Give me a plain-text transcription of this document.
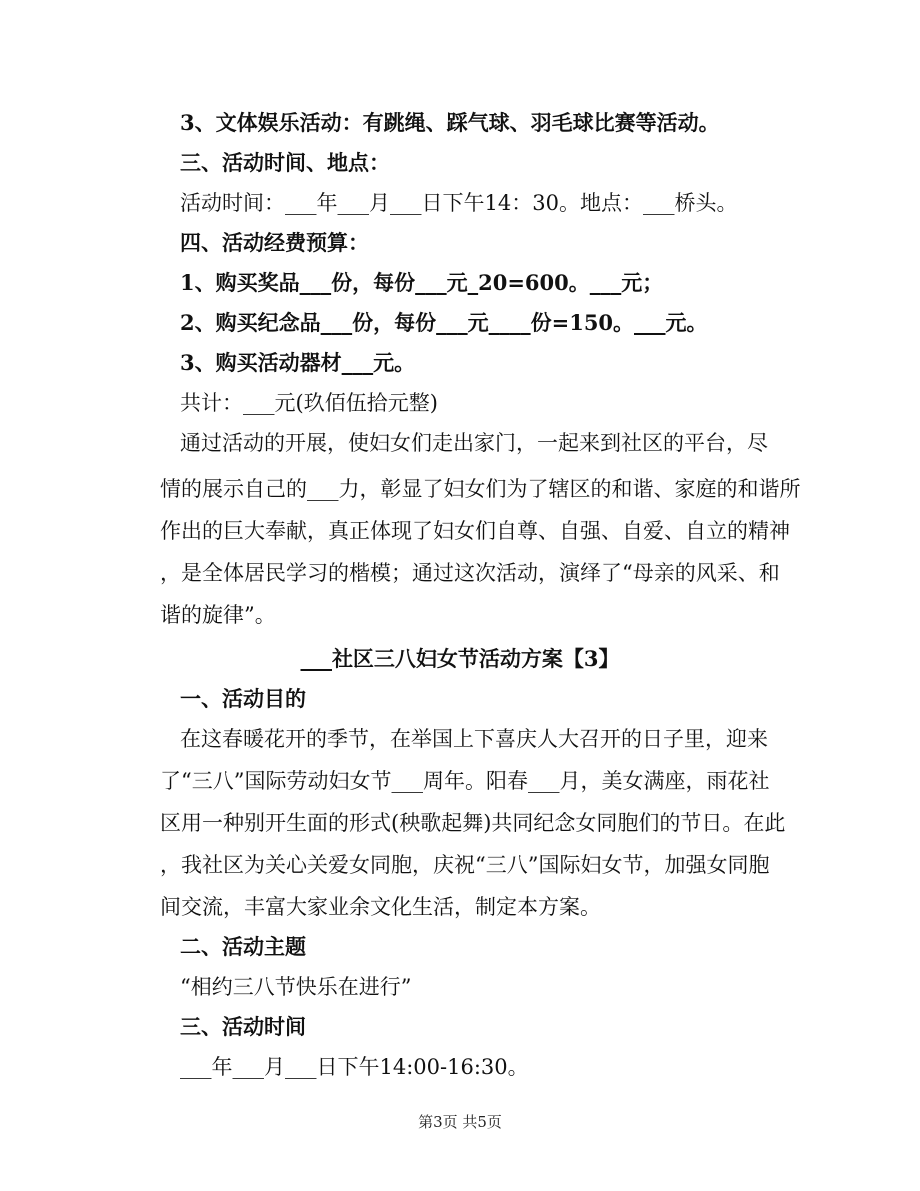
3、文体娱乐活动：有跳绳、踩气球、羽毛球比赛等活动。
三、活动时间、地点：
活动时间：___年___月___日下午14：30。地点：___桥头。
四、活动经费预算：
1、购买奖品___份，每份___元_20=600。___元；
2、购买纪念品___份，每份___元____份=150。___元。
3、购买活动器材___元。
共计：___元(玖佰伍拾元整)
通过活动的开展，使妇女们走出家门，一起来到社区的平台，尽
情的展示自己的___力，彰显了妇女们为了辖区的和谐、家庭的和谐所
作出的巨大奉献，真正体现了妇女们自尊、自强、自爱、自立的精神
，是全体居民学习的楷模；通过这次活动，演绎了“母亲的风采、和
谐的旋律”。
___社区三八妇女节活动方案【3】
一、活动目的
在这春暖花开的季节，在举国上下喜庆人大召开的日子里，迎来
了“三八”国际劳动妇女节___周年。阳春___月，美女满座，雨花社
区用一种别开生面的形式(秧歌起舞)共同纪念女同胞们的节日。在此
，我社区为关心关爱女同胞，庆祝“三八”国际妇女节，加强女同胞
间交流，丰富大家业余文化生活，制定本方案。
二、活动主题
“相约三八节快乐在进行”
三、活动时间
___年___月___日下午14:00-16:30。
第3页 共5页
